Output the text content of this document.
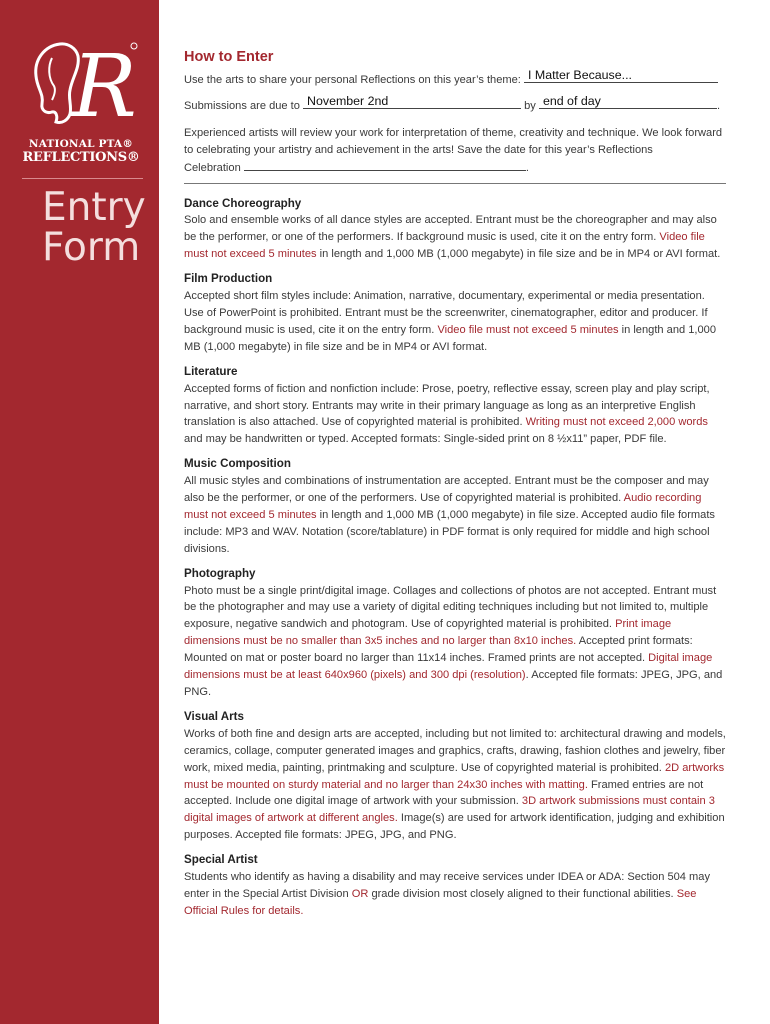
R
NATIONAL PTA®
REFLECTIONS®
Entry
Form
How to Enter

Use the arts to share your personal Reflections on this year’s theme: I Matter Because...

Submissions are due to November 2nd	by end of day	.

Experienced artists will review your work for interpretation of theme, creativity and technique. We look forward to celebrating your artistry and achievement in the arts! Save the date for this year’s Reflections
Celebration	.

Dance Choreography

Solo and ensemble works of all dance styles are accepted. Entrant must be the choreographer and may also be the performer, or one of the performers. If background music is used, cite it on the entry form. Video file must not exceed 5 minutes in length and 1,000 MB (1,000 megabyte) in file size and be in MP4 or AVI format.

Film Production

Accepted short film styles include: Animation, narrative, documentary, experimental or media presentation. Use of PowerPoint is prohibited. Entrant must be the screenwriter, cinematographer, editor and producer. If background music is used, cite it on the entry form. Video file must not exceed 5 minutes in length and 1,000 MB (1,000 megabyte) in file size and be in MP4 or AVI format.

Literature

Accepted forms of fiction and nonfiction include: Prose, poetry, reflective essay, screen play and play script, narrative, and short story. Entrants may write in their primary language as long as an interpretive English translation is also attached. Use of copyrighted material is prohibited. Writing must not exceed 2,000 words and may be handwritten or typed. Accepted formats: Single-sided print on 8 ½x11” paper, PDF file.

Music Composition

All music styles and combinations of instrumentation are accepted. Entrant must be the composer and may also be the performer, or one of the performers. Use of copyrighted material is prohibited. Audio recording must not exceed 5 minutes in length and 1,000 MB (1,000 megabyte) in file size. Accepted audio file formats include: MP3 and WAV. Notation (score/tablature) in PDF format is only required for middle and high school divisions.

Photography

Photo must be a single print/digital image. Collages and collections of photos are not accepted. Entrant must be the photographer and may use a variety of digital editing techniques including but not limited to, multiple exposure, negative sandwich and photogram. Use of copyrighted material is prohibited. Print image dimensions must be no smaller than 3x5 inches and no larger than 8x10 inches. Accepted print formats: Mounted on mat or poster board no larger than 11x14 inches. Framed prints are not accepted. Digital image dimensions must be at least 640x960 (pixels) and 300 dpi (resolution). Accepted file formats: JPEG, JPG, and PNG.

Visual Arts

Works of both fine and design arts are accepted, including but not limited to: architectural drawing and models, ceramics, collage, computer generated images and graphics, crafts, drawing, fashion clothes and jewelry, fiber work, mixed media, painting, printmaking and sculpture. Use of copyrighted material is prohibited. 2D artworks must be mounted on sturdy material and no larger than 24x30 inches with matting. Framed entries are not accepted. Include one digital image of artwork with your submission. 3D artwork submissions must contain 3 digital images of artwork at different angles. Image(s) are used for artwork identification, judging and exhibition purposes. Accepted file formats: JPEG, JPG, and PNG.

Special Artist

Students who identify as having a disability and may receive services under IDEA or ADA: Section 504 may enter in the Special Artist Division OR grade division most closely aligned to their functional abilities. See Official Rules for details.
